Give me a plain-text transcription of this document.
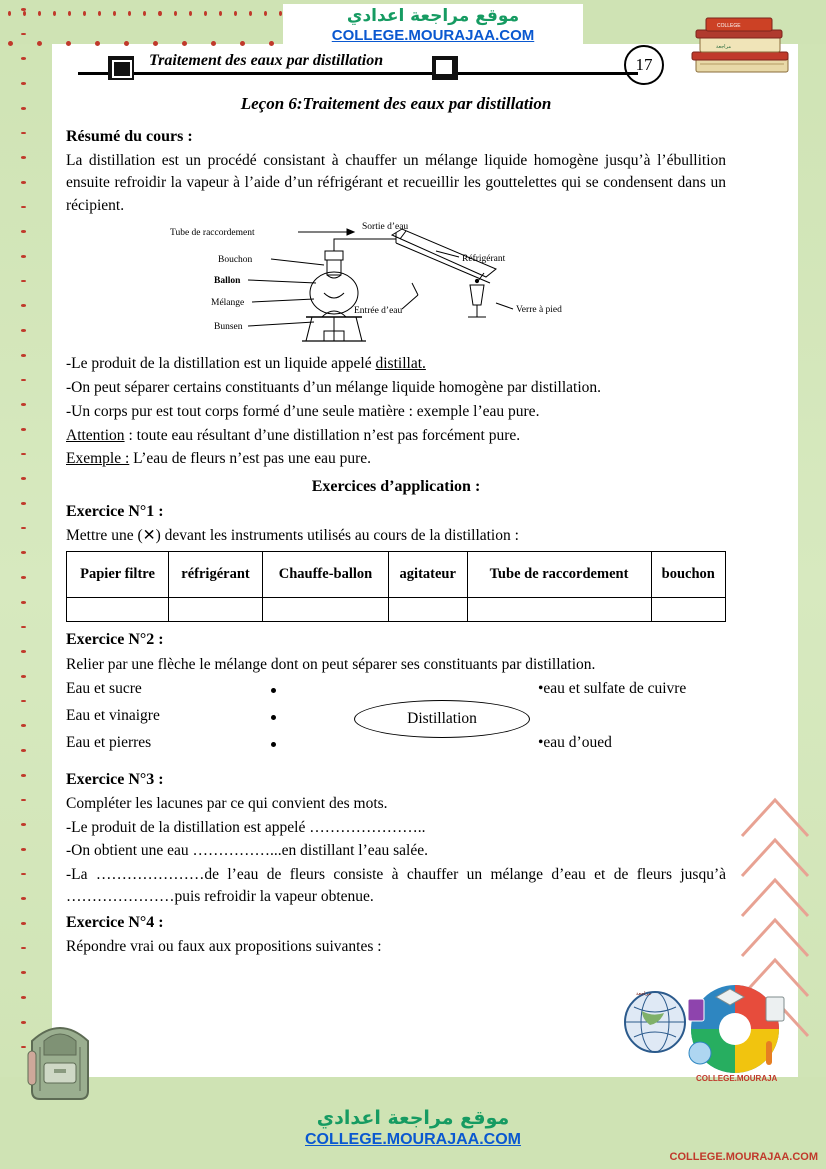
موقع مراجعة اعدادي
COLLEGE.MOURAJAA.COM
Traitement des eaux par distillation	17
COLLEGE
مراجعة
Leçon 6:Traitement des eaux par distillation
Résumé du cours :

La distillation est un procédé consistant à chauffer un mélange liquide homogène jusqu’à l’ébullition ensuite refroidir la vapeur à l’aide d’un réfrigérant et recueillir les gouttelettes qui se condensent dans un récipient.

Tube de raccordement
Bouchon
Ballon
Mélange
Bunsen
Sortie d’eau
Réfrigérant
Entrée d’eau	Verre à pied

-Le produit de la distillation est un liquide appelé distillat.

-On peut séparer certains constituants d’un mélange liquide homogène par distillation.

-Un corps pur est tout corps formé d’une seule matière : exemple l’eau pure.

Attention : toute eau résultant d’une distillation n’est pas forcément pure.

Exemple : L’eau de fleurs n’est pas une eau pure.

Exercices d’application :
Exercice N°1 :

Mettre une (✕) devant les instruments utilisés au cours de la distillation :

Papier filtre	réfrigérant	Chauffe-ballon	agitateur	Tube de raccordement	bouchon

Exercice N°2 :

Relier par une flèche le mélange dont on peut séparer ses constituants par distillation.

Eau et sucre
Eau et vinaigre
Eau et pierres
Distillation
•eau et sulfate de cuivre
•eau d’oued
Exercice N°3 :

Compléter les lacunes par ce qui convient des mots.

-Le produit de la distillation est appelé …………………..

-On obtient une eau ……………...en distillant l’eau salée.

-La …………………de l’eau de fleurs consiste à chauffer un mélange d’eau et de fleurs jusqu’à …………………puis refroidir la vapeur obtenue.

Exercice N°4 :

Répondre vrai ou faux aux propositions suivantes :

مراجعة
COLLEGE.MOURAJA
موقع مراجعة اعدادي
COLLEGE.MOURAJAA.COM
COLLEGE.MOURAJAA.COM
